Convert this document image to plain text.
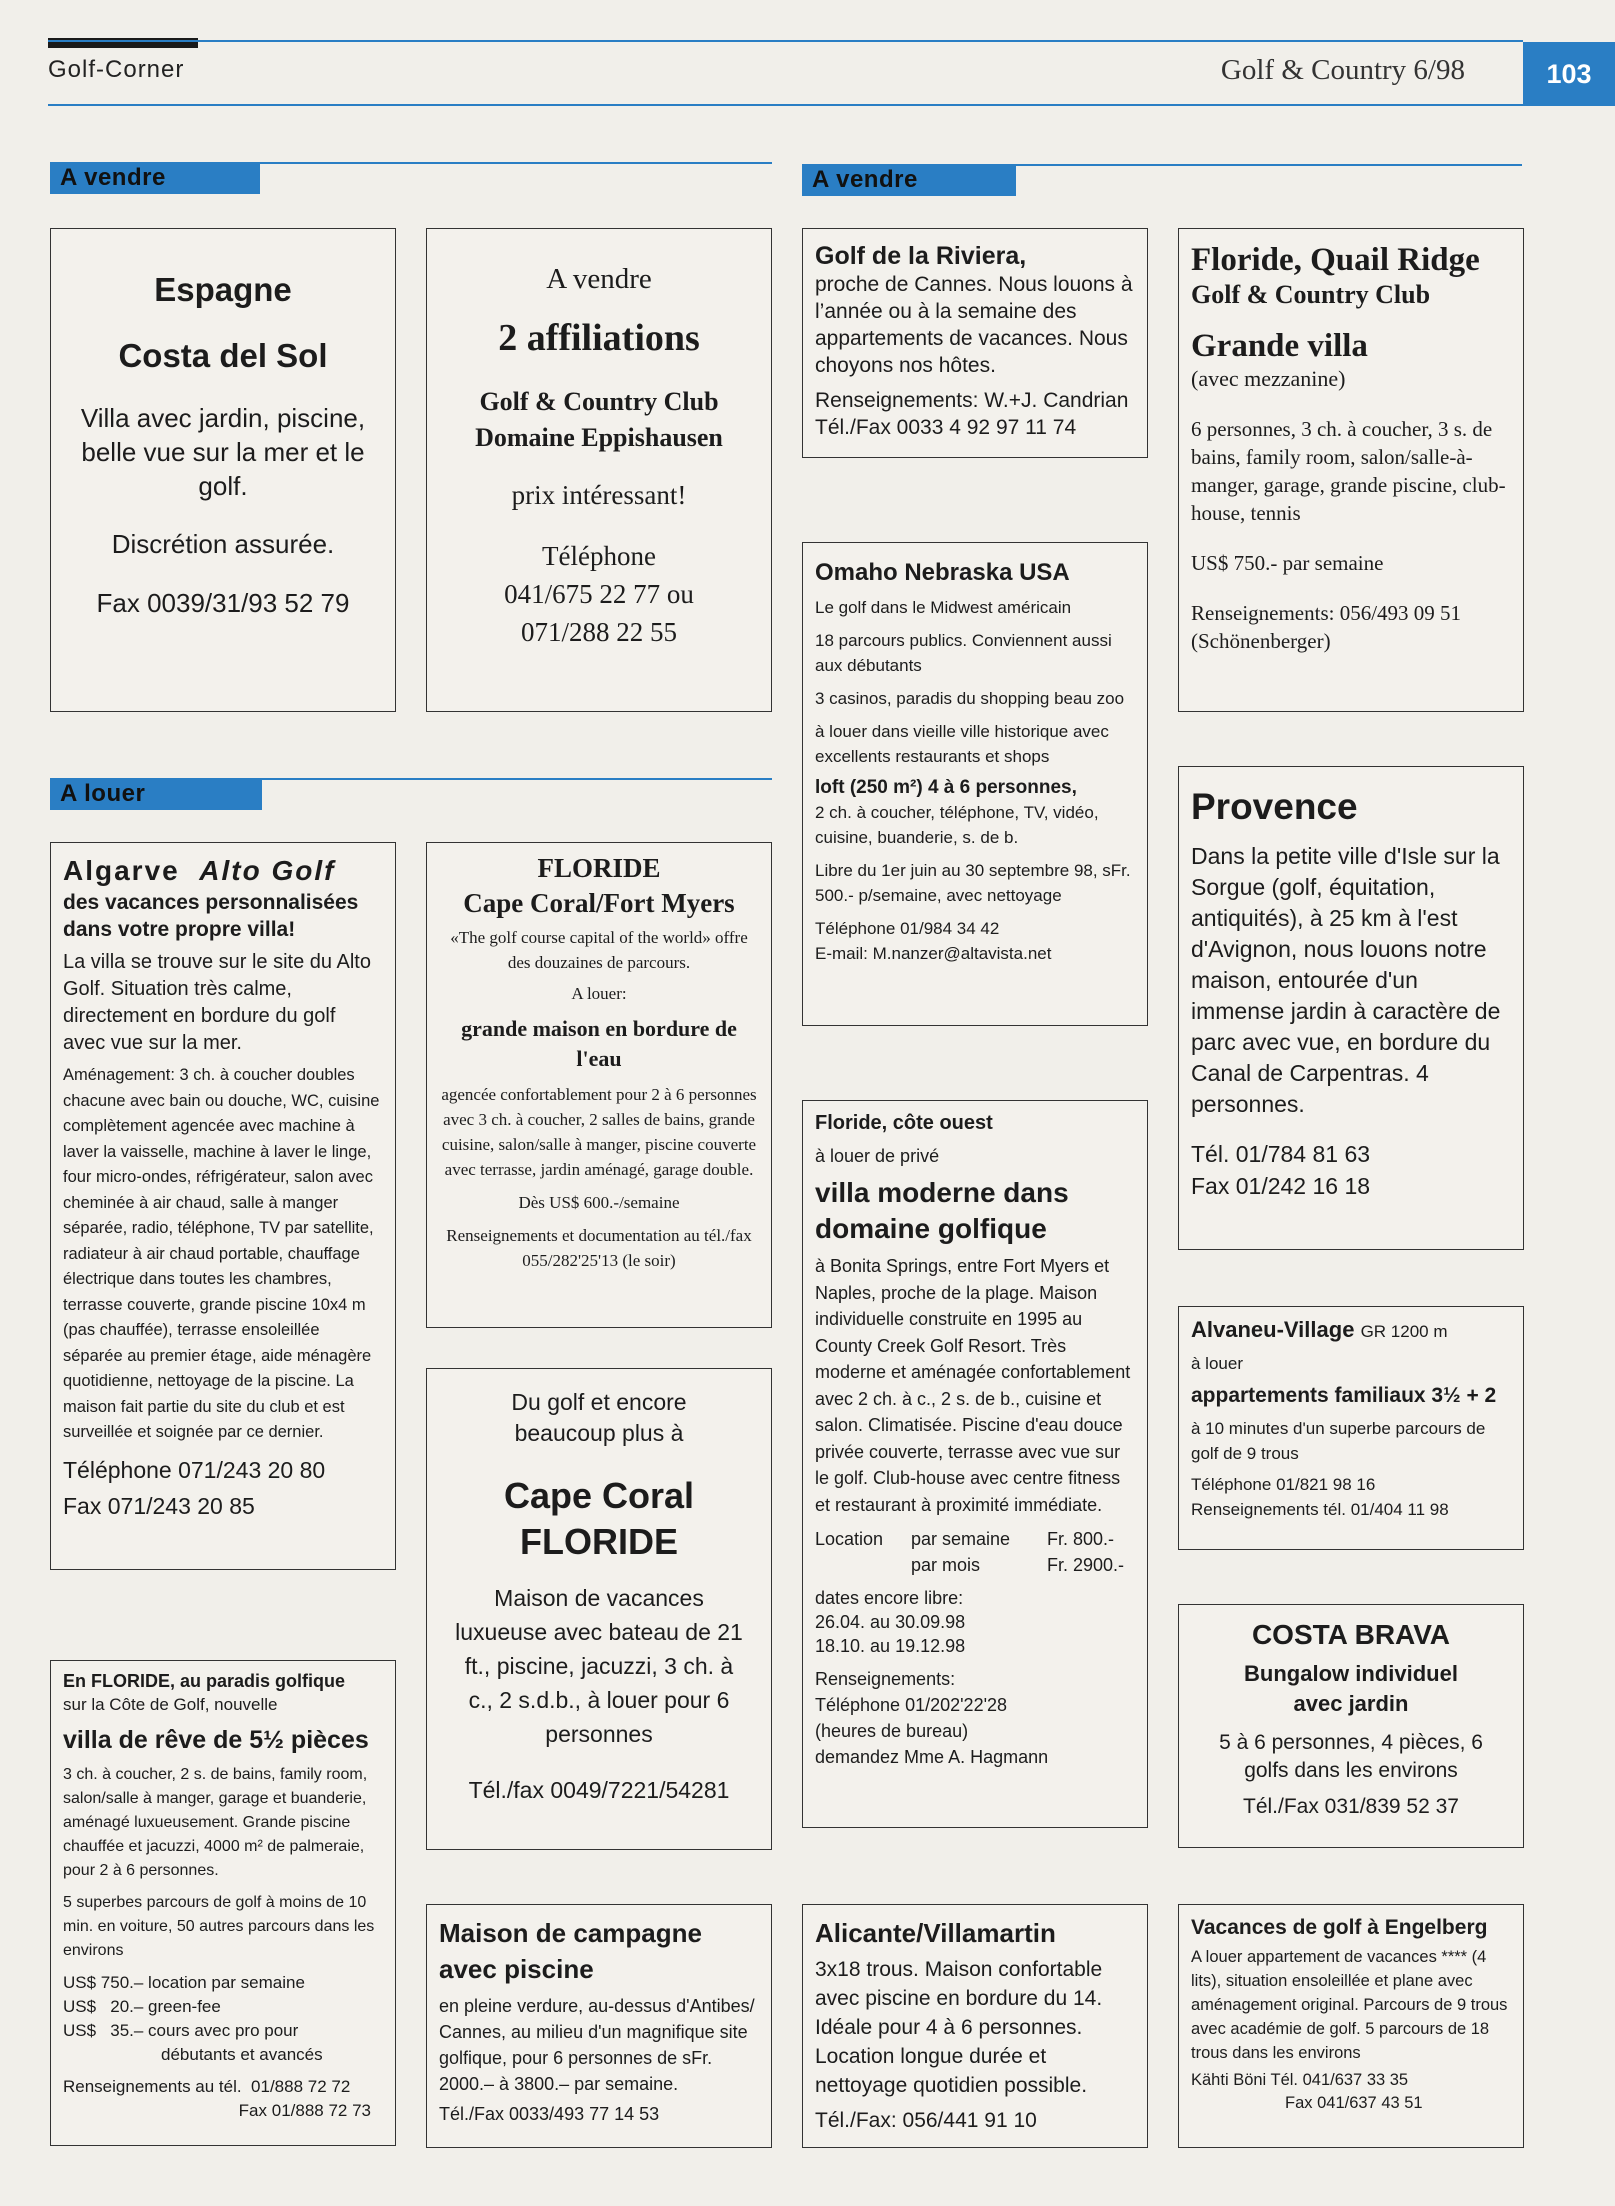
Golf-Corner	Golf & Country 6/98	103
A vendre
A louer
A vendre

Espagne

Costa del Sol

Villa avec jardin, piscine, belle vue sur la mer et le golf.

Discrétion assurée.

Fax 0039/31/93 52 79

A vendre

2 affiliations

Golf & Country Club Domaine Eppishausen

prix intéressant!

Téléphone

041/675 22 77 ou

071/288 22 55

Golf de la Riviera,

proche de Cannes. Nous louons à l’année ou à la semaine des appartements de vacances. Nous choyons nos hôtes.

Renseignements: W.+J. Candrian

Tél./Fax 0033 4 92 97 11 74

Floride, Quail Ridge

Golf & Country Club

Grande villa

(avec mezzanine)

6 personnes, 3 ch. à coucher, 3 s. de bains, family room, salon/salle-à-manger, garage, grande piscine, club-house, tennis

US$ 750.- par semaine

Renseignements: 056/493 09 51

(Schönenberger)

Omaho Nebraska USA

Le golf dans le Midwest américain

18 parcours publics. Conviennent aussi aux débutants

3 casinos, paradis du shopping beau zoo

à louer dans vieille ville historique avec excellents restaurants et shops

loft (250 m²) 4 à 6 personnes,

2 ch. à coucher, téléphone, TV, vidéo, cuisine, buanderie, s. de b.

Libre du 1er juin au 30 septembre 98, sFr. 500.- p/semaine, avec nettoyage

Téléphone 01/984 34 42

E-mail: M.nanzer@altavista.net

Algarve Alto Golf

des vacances personnalisées dans votre propre villa!

La villa se trouve sur le site du Alto Golf. Situation très calme, directement en bordure du golf avec vue sur la mer.

Aménagement: 3 ch. à coucher doubles chacune avec bain ou douche, WC, cuisine complètement agencée avec machine à laver la vaisselle, machine à laver le linge, four micro-ondes, réfrigérateur, salon avec cheminée à air chaud, salle à manger séparée, radio, téléphone, TV par satellite, radiateur à air chaud portable, chauffage électrique dans toutes les chambres, terrasse couverte, grande piscine 10x4 m (pas chauffée), terrasse ensoleillée séparée au premier étage, aide ménagère quotidienne, nettoyage de la piscine. La maison fait partie du site du club et est surveillée et soignée par ce dernier.

Téléphone 071/243 20 80

Fax 071/243 20 85

FLORIDE

Cape Coral/Fort Myers

«The golf course capital of the world» offre des douzaines de parcours.

A louer:

grande maison en bordure de l'eau

agencée confortablement pour 2 à 6 personnes avec 3 ch. à coucher, 2 salles de bains, grande cuisine, salon/salle à manger, piscine couverte avec terrasse, jardin aménagé, garage double.

Dès US$ 600.-/semaine

Renseignements et documentation au tél./fax 055/282'25'13 (le soir)

Floride, côte ouest

à louer de privé

villa moderne dans domaine golfique

à Bonita Springs, entre Fort Myers et Naples, proche de la plage. Maison individuelle construite en 1995 au County Creek Golf Resort. Très moderne et aménagée confortablement avec 2 ch. à c., 2 s. de b., cuisine et salon. Climatisée. Piscine d'eau douce privée couverte, terrasse avec vue sur le golf. Club-house avec centre fitness et restaurant à proximité immédiate.

Location	par semaine	Fr. 800.-
par mois	Fr. 2900.-

dates encore libre:

26.04. au 30.09.98

18.10. au 19.12.98

Renseignements:

Téléphone 01/202'22'28

(heures de bureau)

demandez Mme A. Hagmann

Provence

Dans la petite ville d'Isle sur la Sorgue (golf, équitation, antiquités), à 25 km à l'est d'Avignon, nous louons notre maison, entourée d'un immense jardin à caractère de parc avec vue, en bordure du Canal de Carpentras. 4 personnes.

Tél. 01/784 81 63

Fax 01/242 16 18

Alvaneu-Village GR 1200 m

à louer

appartements familiaux 3½ + 2

à 10 minutes d'un superbe parcours de golf de 9 trous

Téléphone 01/821 98 16

Renseignements tél. 01/404 11 98

Du golf et encore

beaucoup plus à

Cape Coral

FLORIDE

Maison de vacances luxueuse avec bateau de 21 ft., piscine, jacuzzi, 3 ch. à c., 2 s.d.b., à louer pour 6 personnes

Tél./fax 0049/7221/54281

COSTA BRAVA

Bungalow individuel

avec jardin

5 à 6 personnes, 4 pièces, 6 golfs dans les environs

Tél./Fax 031/839 52 37

En FLORIDE, au paradis golfique

sur la Côte de Golf, nouvelle

villa de rêve de 5½ pièces

3 ch. à coucher, 2 s. de bains, family room, salon/salle à manger, garage et buanderie, aménagé luxueusement. Grande piscine chauffée et jacuzzi, 4000 m² de palmeraie, pour 2 à 6 personnes.

5 superbes parcours de golf à moins de 10 min. en voiture, 50 autres parcours dans les environs

US$ 750.– location par semaine

US$   20.– green-fee

US$   35.– cours avec pro pour

débutants et avancés

Renseignements au tél.  01/888 72 72

Fax 01/888 72 73

Maison de campagne avec piscine

en pleine verdure, au-dessus d'Antibes/ Cannes, au milieu d'un magnifique site golfique, pour 6 personnes de sFr. 2000.– à 3800.– par semaine.

Tél./Fax 0033/493 77 14 53

Alicante/Villamartin

3x18 trous. Maison confortable avec piscine en bordure du 14. Idéale pour 4 à 6 personnes. Location longue durée et nettoyage quotidien possible.

Tél./Fax: 056/441 91 10

Vacances de golf à Engelberg

A louer appartement de vacances **** (4 lits), situation ensoleillée et plane avec aménagement original. Parcours de 9 trous avec académie de golf. 5 parcours de 18 trous dans les environs

Kähti Böni Tél. 041/637 33 35

Fax 041/637 43 51
